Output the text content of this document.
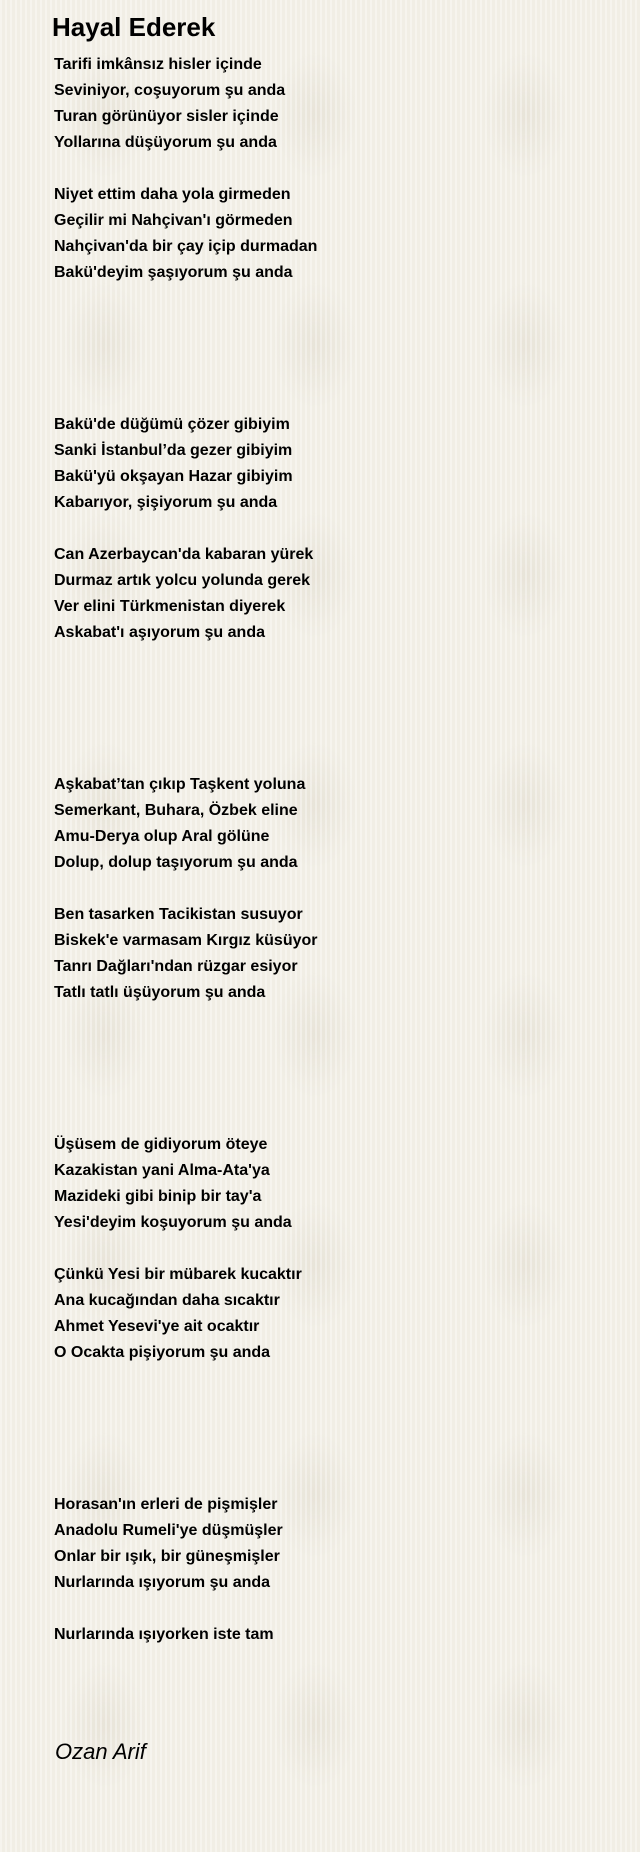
Hayal Ederek
Tarifi imkânsız hisler içinde
Seviniyor, coşuyorum şu anda
Turan görünüyor sisler içinde
Yollarına düşüyorum şu anda
Niyet ettim daha yola girmeden
Geçilir mi Nahçivan'ı görmeden
Nahçivan'da bir çay içip durmadan
Bakü'deyim şaşıyorum şu anda
Bakü'de düğümü çözer gibiyim
Sanki İstanbul’da gezer gibiyim
Bakü'yü okşayan Hazar gibiyim
Kabarıyor, şişiyorum şu anda
Can Azerbaycan'da kabaran yürek
Durmaz artık yolcu yolunda gerek
Ver elini Türkmenistan diyerek
Askabat'ı aşıyorum şu anda
Aşkabat’tan çıkıp Taşkent yoluna
Semerkant, Buhara, Özbek eline
Amu-Derya olup Aral gölüne
Dolup, dolup taşıyorum şu anda
Ben tasarken Tacikistan susuyor
Biskek'e varmasam Kırgız küsüyor
Tanrı Dağları'ndan rüzgar esiyor
Tatlı tatlı üşüyorum şu anda
Üşüsem de gidiyorum öteye
Kazakistan yani Alma-Ata'ya
Mazideki gibi binip bir tay'a
Yesi'deyim koşuyorum şu anda
Çünkü Yesi bir mübarek kucaktır
Ana kucağından daha sıcaktır
Ahmet Yesevi'ye ait ocaktır
O Ocakta pişiyorum şu anda
Horasan'ın erleri de pişmişler
Anadolu Rumeli'ye düşmüşler
Onlar bir ışık, bir güneşmişler
Nurlarında ışıyorum şu anda
Nurlarında ışıyorken iste tam
Ozan Arif
